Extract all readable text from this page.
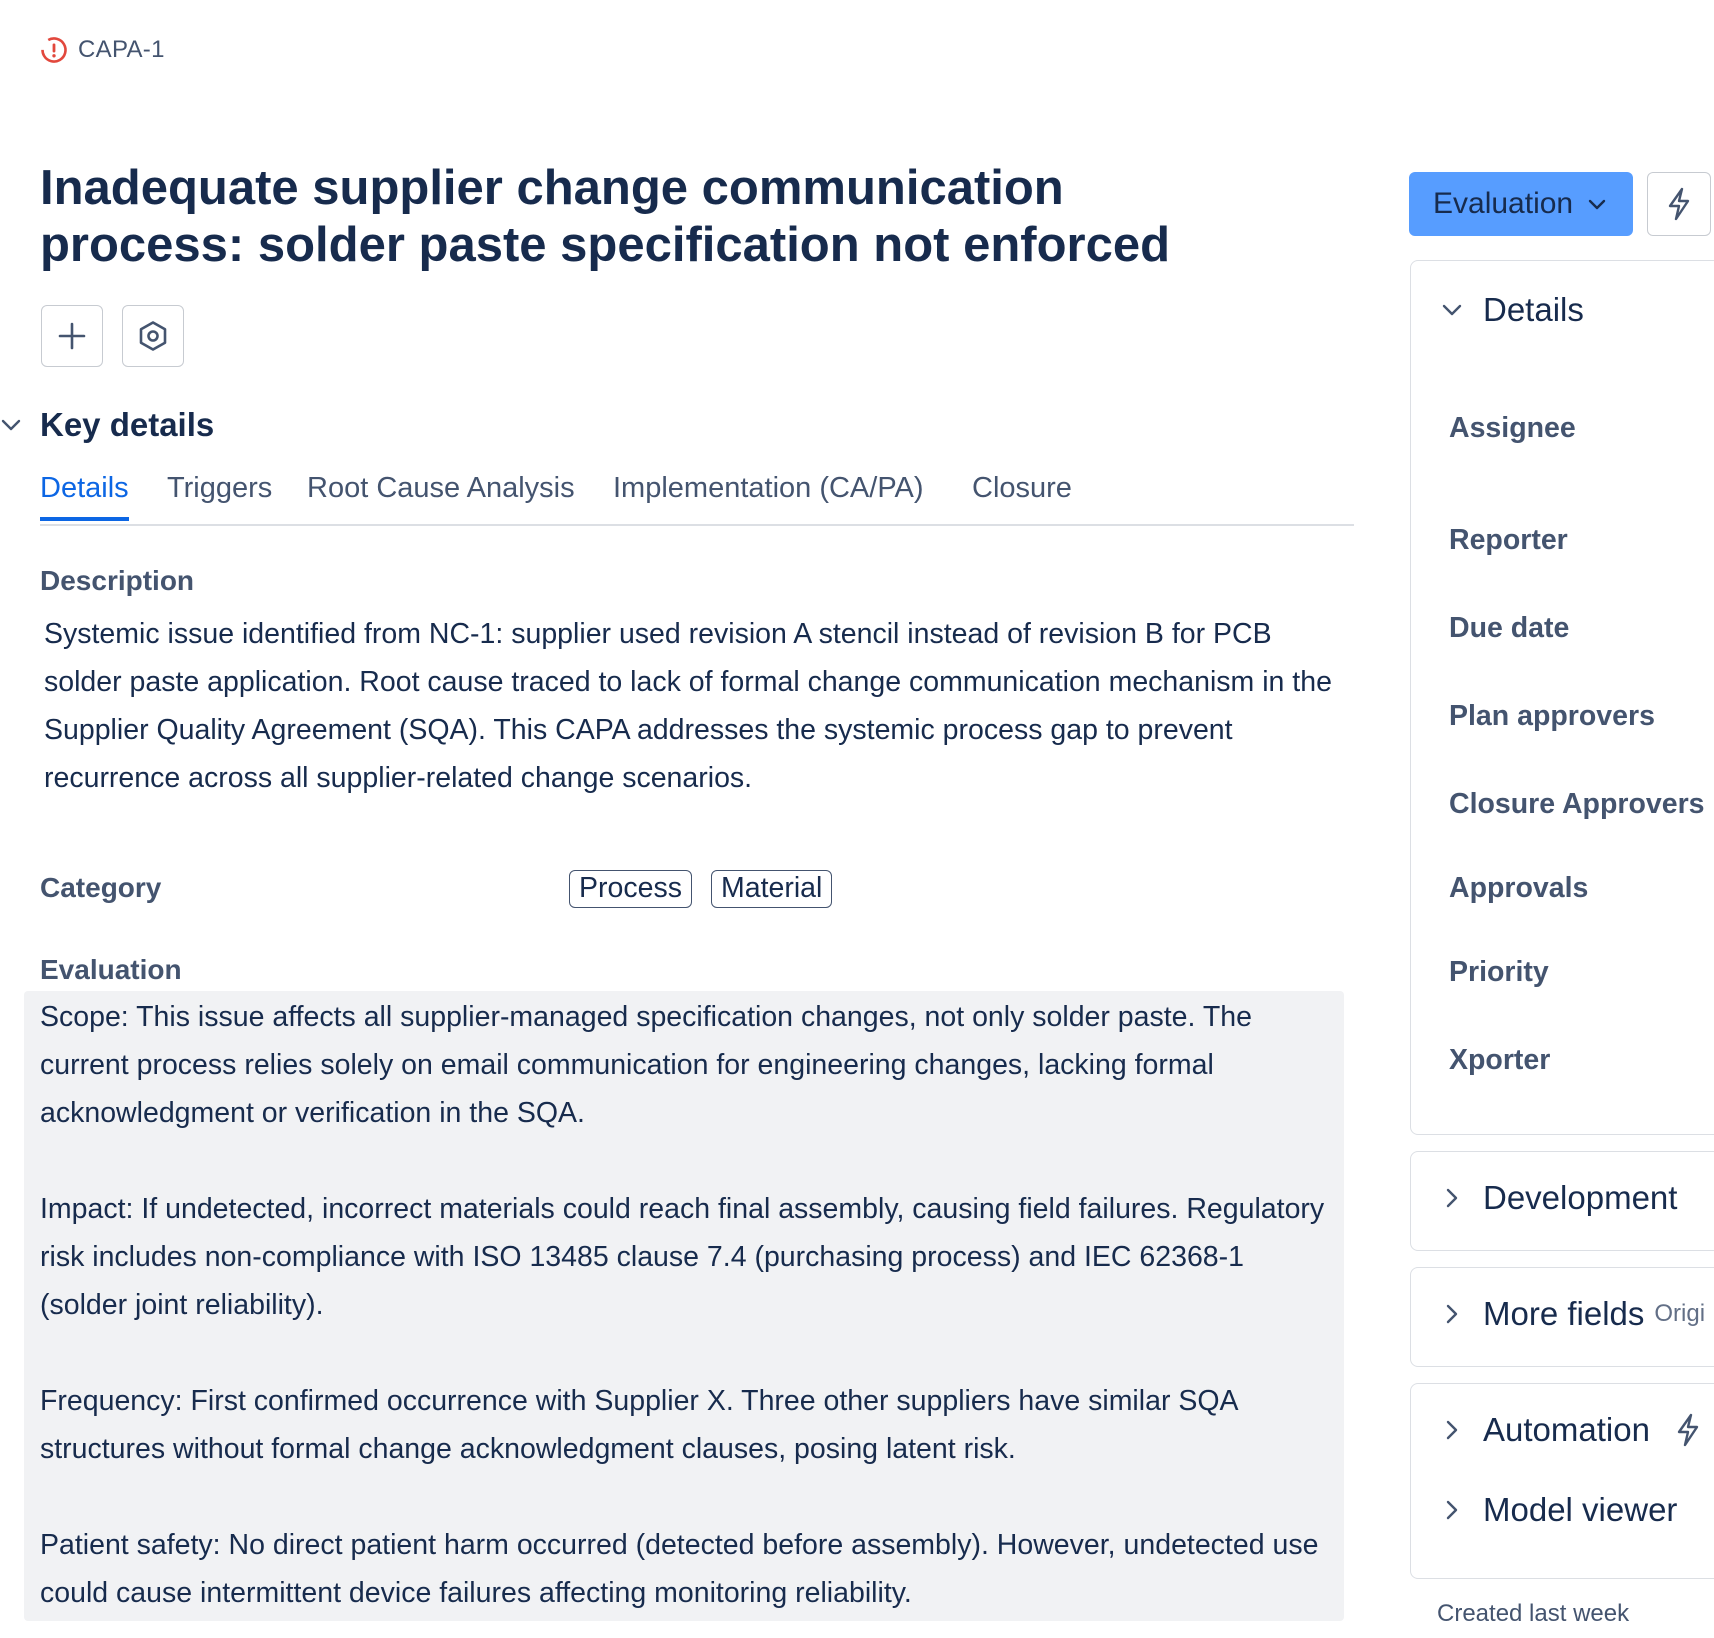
CAPA-1
Inadequate supplier change communication process: solder paste specification not enforced
Key details
Details Triggers Root Cause Analysis Implementation (CA/PA) Closure
Description

Systemic issue identified from NC-1: supplier used revision A stencil instead of revision B for PCB solder paste application. Root cause traced to lack of formal change communication mechanism in the Supplier Quality Agreement (SQA). This CAPA addresses the systemic process gap to prevent recurrence across all supplier-related change scenarios.

Category	Process	Material
Evaluation

Scope: This issue affects all supplier-managed specification changes, not only solder paste. The current process relies solely on email communication for engineering changes, lacking formal acknowledgment or verification in the SQA.

Impact: If undetected, incorrect materials could reach final assembly, causing field failures. Regulatory risk includes non-compliance with ISO 13485 clause 7.4 (purchasing process) and IEC 62368-1 (solder joint reliability).

Frequency: First confirmed occurrence with Supplier X. Three other suppliers have similar SQA structures without formal change acknowledgment clauses, posing latent risk.

Patient safety: No direct patient harm occurred (detected before assembly). However, undetected use could cause intermittent device failures affecting monitoring reliability.

Evaluation
Details
Assignee
Reporter
Due date
Plan approvers
Closure Approvers
Approvals
Priority
Xporter
Development
More fields Origi
Automation
Model viewer
Created last week
